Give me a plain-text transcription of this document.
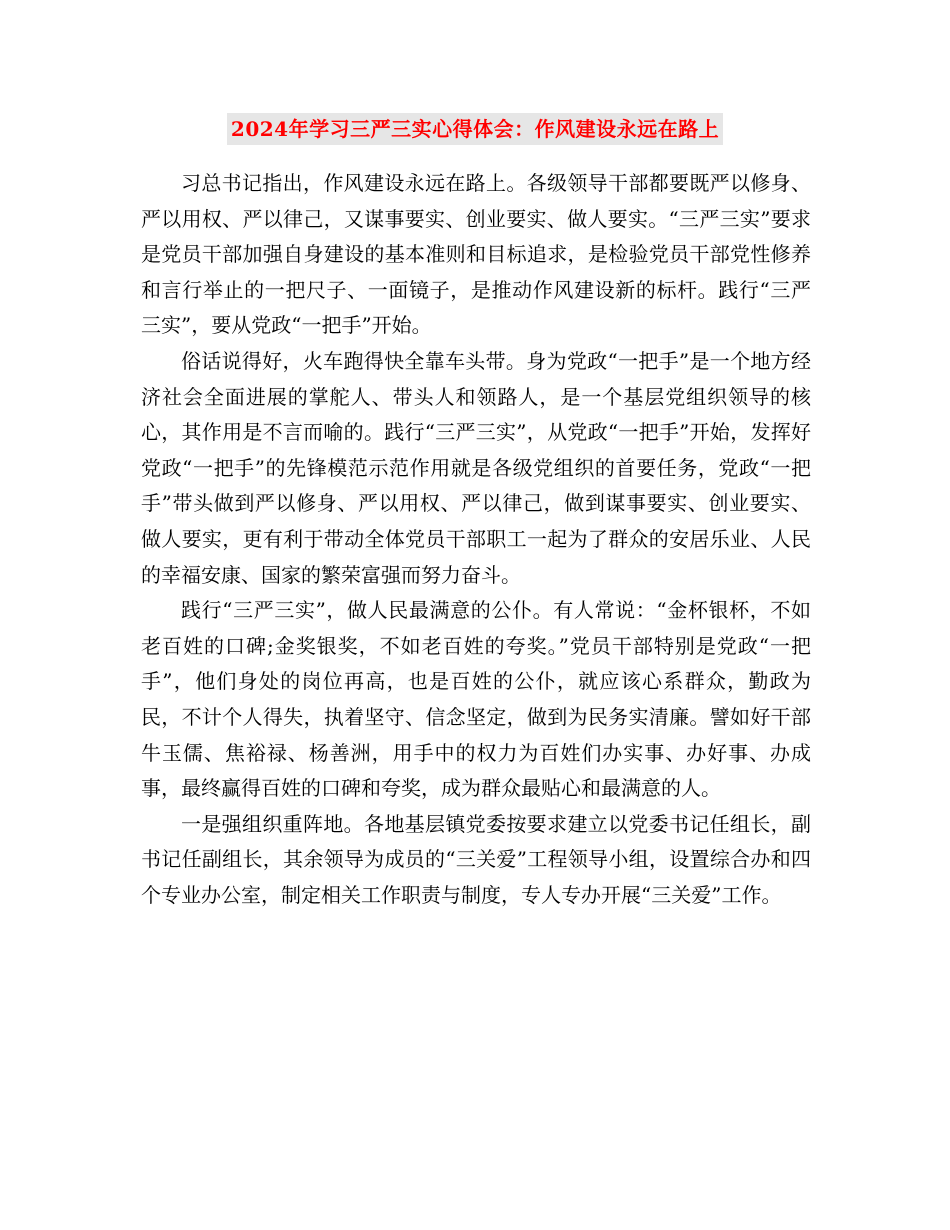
2024年学习三严三实心得体会：作风建设永远在路上

习总书记指出，作风建设永远在路上。各级领导干部都要既严以修身、严以用权、严以律己，又谋事要实、创业要实、做人要实。“三严三实”要求是党员干部加强自身建设的基本准则和目标追求，是检验党员干部党性修养和言行举止的一把尺子、一面镜子，是推动作风建设新的标杆。践行“三严三实”，要从党政“一把手”开始。

俗话说得好，火车跑得快全靠车头带。身为党政“一把手”是一个地方经济社会全面进展的掌舵人、带头人和领路人，是一个基层党组织领导的核心，其作用是不言而喻的。践行“三严三实”，从党政“一把手”开始，发挥好党政“一把手”的先锋模范示范作用就是各级党组织的首要任务，党政“一把手”带头做到严以修身、严以用权、严以律己，做到谋事要实、创业要实、做人要实，更有利于带动全体党员干部职工一起为了群众的安居乐业、人民的幸福安康、国家的繁荣富强而努力奋斗。

践行“三严三实”，做人民最满意的公仆。有人常说：“金杯银杯，不如老百姓的口碑;金奖银奖，不如老百姓的夸奖。”党员干部特别是党政“一把手”，他们身处的岗位再高，也是百姓的公仆，就应该心系群众，勤政为民，不计个人得失，执着坚守、信念坚定，做到为民务实清廉。譬如好干部牛玉儒、焦裕禄、杨善洲，用手中的权力为百姓们办实事、办好事、办成事，最终赢得百姓的口碑和夸奖，成为群众最贴心和最满意的人。

一是强组织重阵地。各地基层镇党委按要求建立以党委书记任组长，副书记任副组长，其余领导为成员的“三关爱”工程领导小组，设置综合办和四个专业办公室，制定相关工作职责与制度，专人专办开展“三关爱”工作。
